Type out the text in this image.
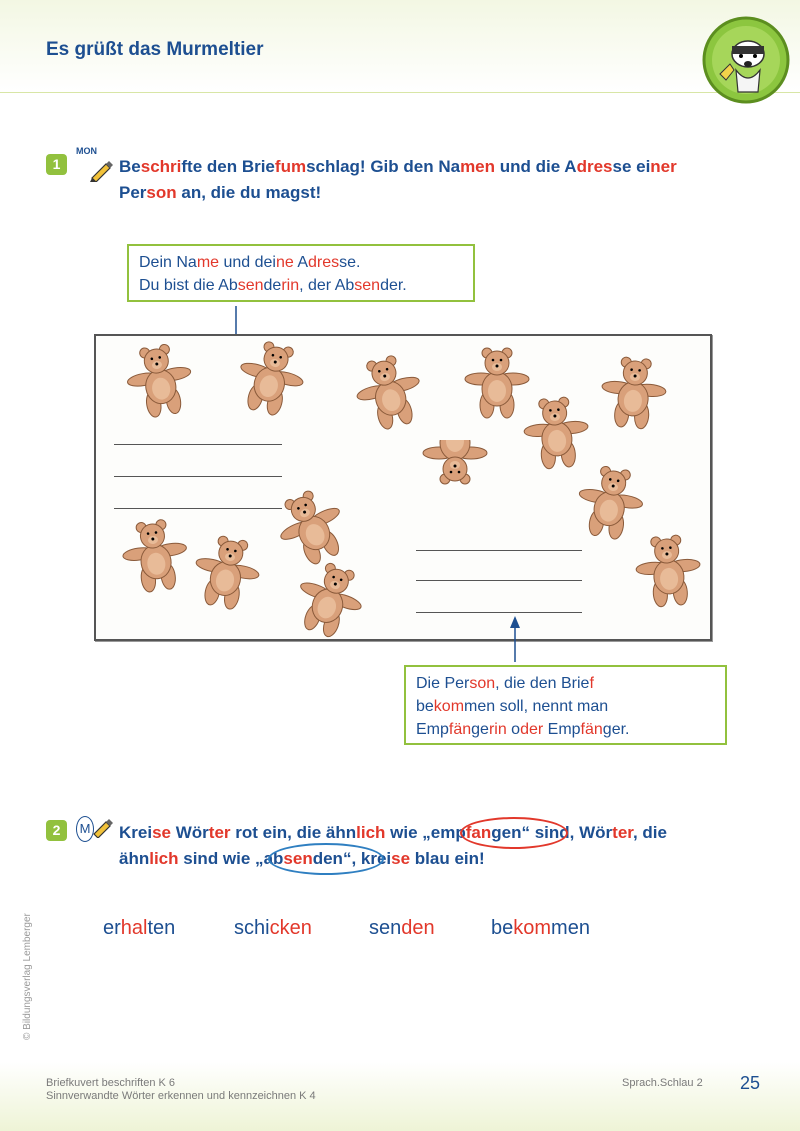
Es grüßt das Murmeltier
1
MON

Beschrifte den Briefumschlag! Gib den Namen und die Adresse einer

Person an, die du magst!

Dein Name und deine Adresse.

Du bist die Absenderin, der Absender.

Die Person, die den Brief

bekommen soll, nennt man

Empfängerin oder Empfänger.

2	M Kreise Wörter rot ein, die ähnlich wie „empfangen“ sind, Wörter, die

ähnlich sind wie „absenden“, kreise blau ein!

erhalten	schicken	senden	bekommen

© Bildungsverlag Lemberger

Briefkuvert beschriften K 6

Sinnverwandte Wörter erkennen und kennzeichnen K 4

Sprach.Schlau 2 25
